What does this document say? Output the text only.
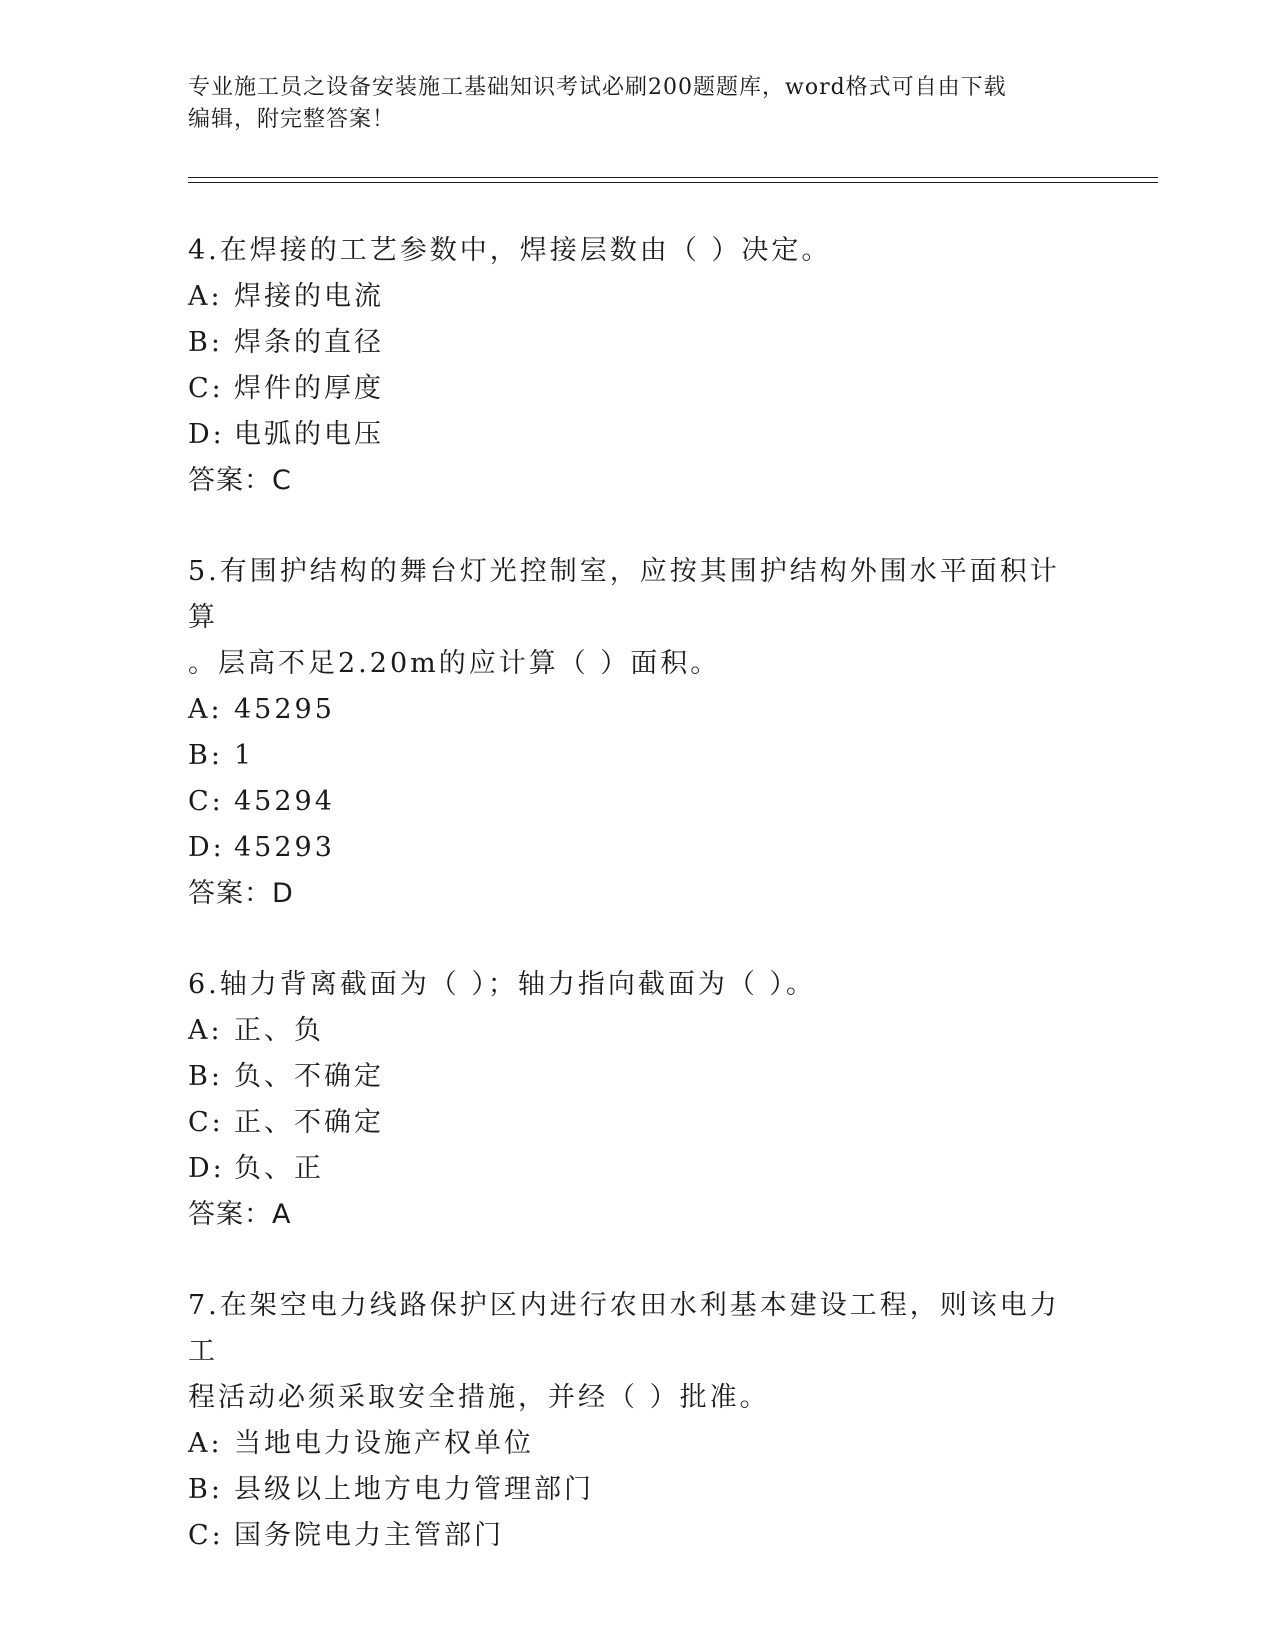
专业施工员之设备安装施工基础知识考试必刷200题题库，word格式可自由下载
编辑，附完整答案！

4.在焊接的工艺参数中，焊接层数由（ ）决定。

A: 焊接的电流

B: 焊条的直径

C: 焊件的厚度

D: 电弧的电压

答案：C

5.有围护结构的舞台灯光控制室，应按其围护结构外围水平面积计算

。层高不足2.20m的应计算（ ）面积。

A: 45295

B: 1

C: 45294

D: 45293

答案：D

6.轴力背离截面为（ ）；轴力指向截面为（ ）。

A: 正、负

B: 负、不确定

C: 正、不确定

D: 负、正

答案：A

7.在架空电力线路保护区内进行农田水利基本建设工程，则该电力工

程活动必须采取安全措施，并经（ ）批准。

A: 当地电力设施产权单位

B: 县级以上地方电力管理部门

C: 国务院电力主管部门
